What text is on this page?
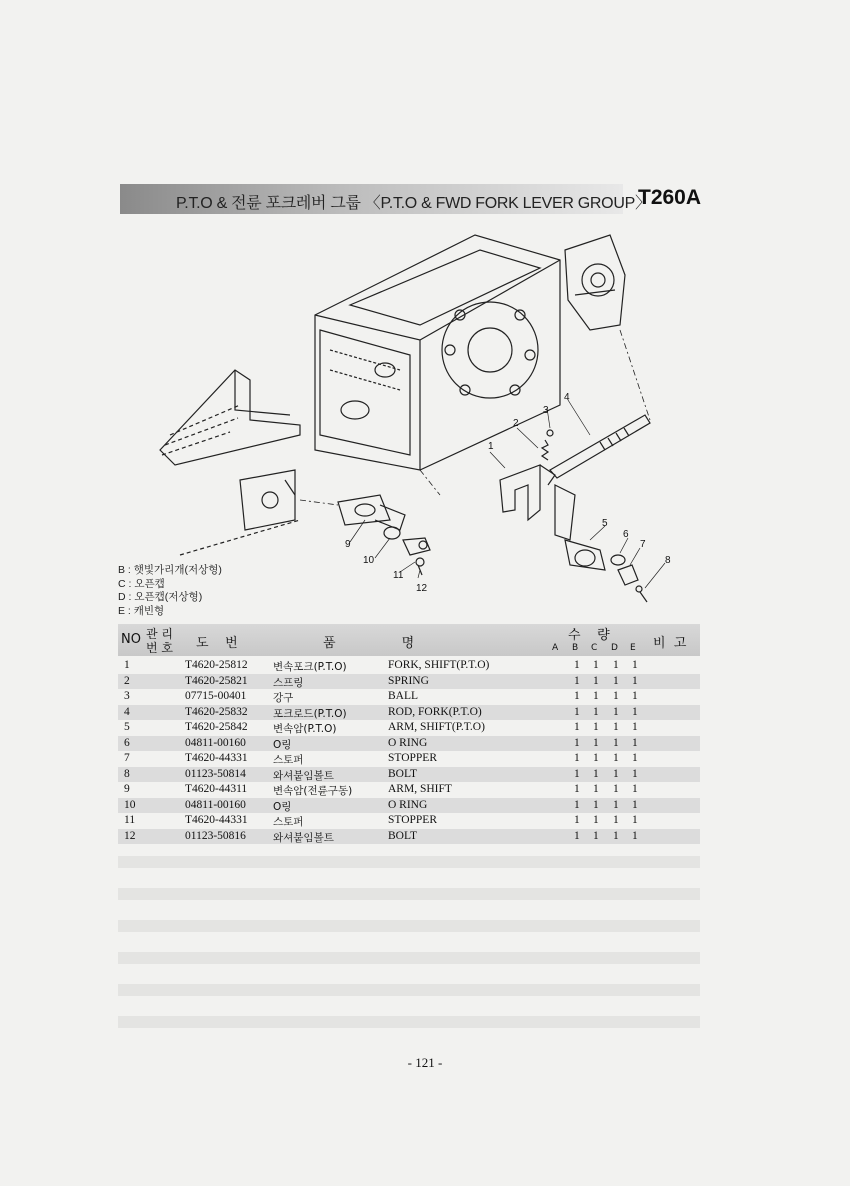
P.T.O & 전륜 포크레버 그룹 〈P.T.O & FWD FORK LEVER GROUP〉
T260A
1
2
3
4
5
6
7
8
9
10
11
12
B : 햇빛가리개(저상형)
C : 오픈캡
D : 오픈캡(저상형)
E : 캐빈형
NO 관 리
번 호 도    번	품                명
수    량
A B C D E 비  고
1	T4620-25812 변속포크(P.T.O)	FORK, SHIFT(P.T.O)	1 1 1 1
2	T4620-25821 스프링	SPRING	1 1 1 1
3	07715-00401	강구	BALL	1 1 1 1
4	T4620-25832 포크로드(P.T.O)	ROD, FORK(P.T.O)	1 1 1 1
5	T4620-25842 변속암(P.T.O)	ARM, SHIFT(P.T.O)	1 1 1 1
6	04811-00160	O링	O RING	1 1 1 1
7	T4620-44331 스토퍼	STOPPER	1 1 1 1
8	01123-50814	와셔붙임볼트	BOLT	1 1 1 1
9	T4620-44311 변속암(전륜구동)	ARM, SHIFT	1 1 1 1
10	04811-00160	O링	O RING	1 1 1 1
11	T4620-44331 스토퍼	STOPPER	1 1 1 1
12	01123-50816	와셔붙임볼트	BOLT	1 1 1 1
- 121 -
